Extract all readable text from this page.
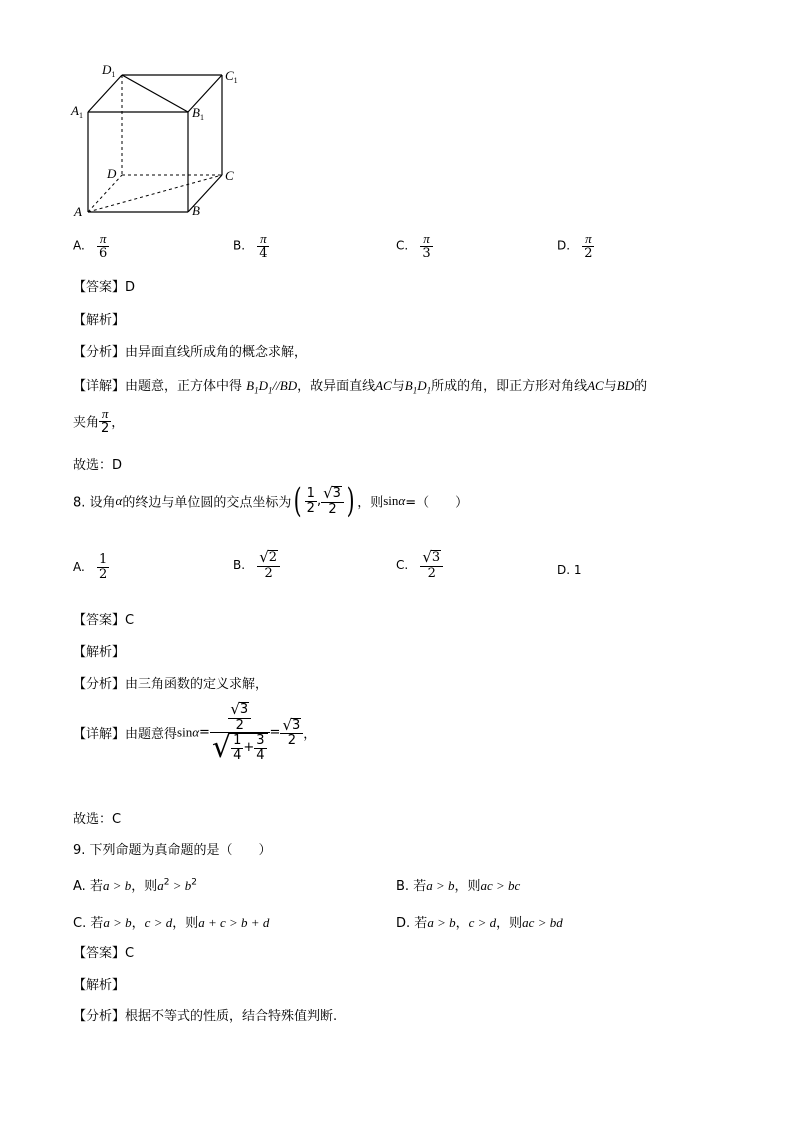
$D_1$	$C_1$
$A_1$	$B_1$
D	C
A	B
A. $\frac{\pi}{6}$	B. $\frac{\pi}{4}$	C. $\frac{\pi}{3}$	D. $\frac{\pi}{2}$
【答案】D
【解析】
【分析】由异面直线所成角的概念求解，
【详解】由题意，正方体中得 $B_1D_1//BD$，故异面直线AC与$B_1D_1$所成的角，即正方形对角线AC与BD的
夹角 $\frac{\pi}{2}$ ，
故选：D
8. 设角α的终边与单位圆的交点坐标为( $\frac{1}{2}$ , $\frac{√ 3}{2}$ ) ，则sinα=（　　）
A. $\frac{1}{2}$	B. $\frac{√ 2}{2}$	C. $\frac{√ 3}{2}$	D. 1
【答案】C
【解析】
【分析】由三角函数的定义求解，
【详解】由题意得$\sin\alpha= \frac{\frac{√ 3}{2}}{√ \frac{1}{4} + \frac{3}{4}} = \frac{√ 3}{2}$ ，
故选：C
9. 下列命题为真命题的是（　　）
A. 若a > b，则$a^2 > b^2$	B. 若a > b，则ac > bc
C. 若a > b，c > d，则a + c > b + d	D. 若a > b，c > d，则ac > bd
【答案】C
【解析】
【分析】根据不等式的性质，结合特殊值判断.
